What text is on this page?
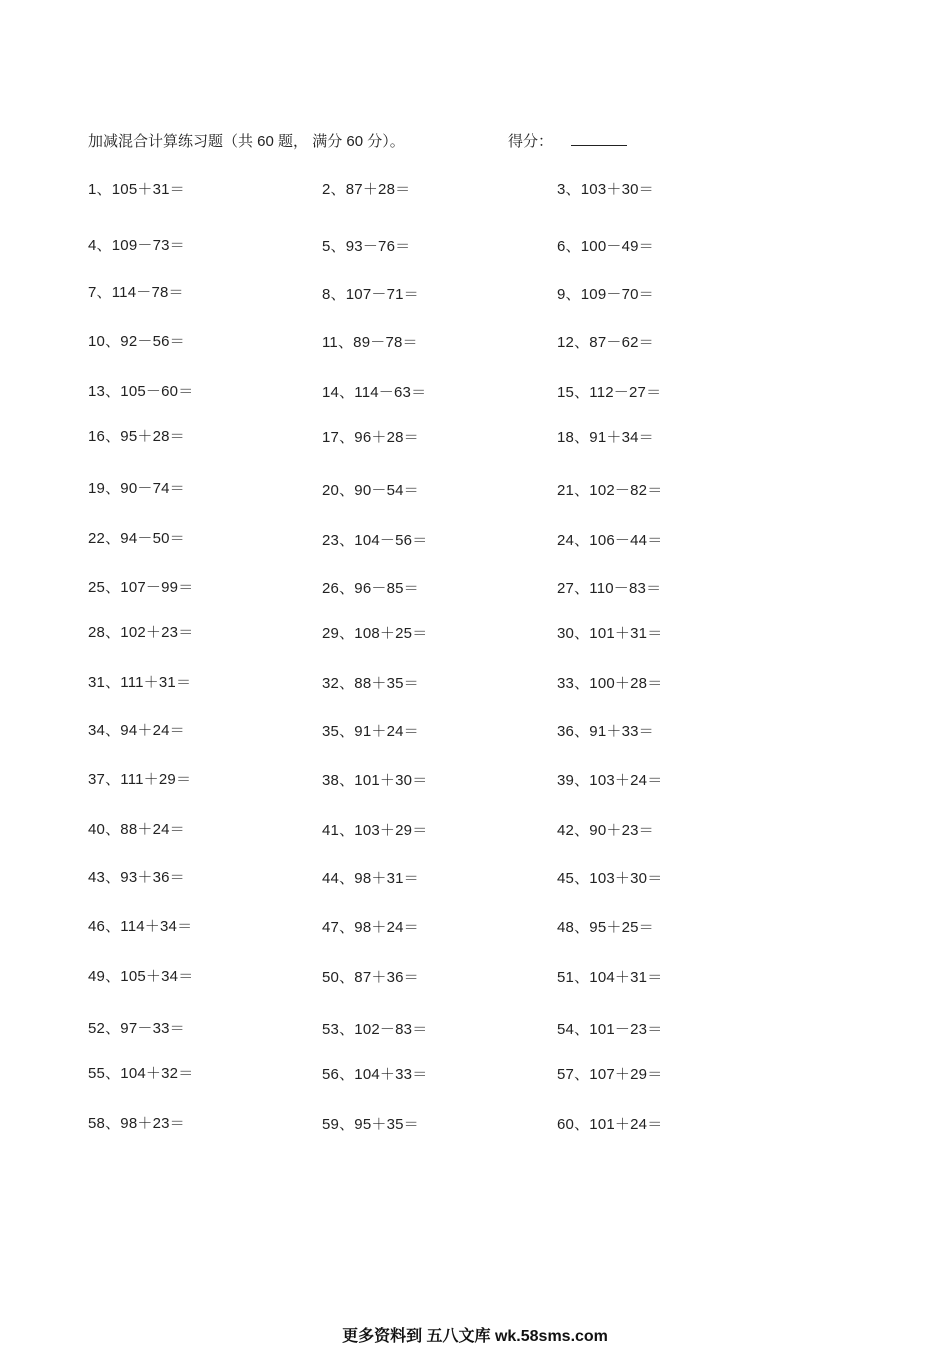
加减混合计算练习题（共 60 题， 满分 60 分）。	得分：
1、105＋31＝	2、87＋28＝	3、103＋30＝
4、109－73＝	5、93－76＝	6、100－49＝
7、114－78＝	8、107－71＝	9、109－70＝
10、92－56＝	11、89－78＝	12、87－62＝
13、105－60＝	14、114－63＝	15、112－27＝
16、95＋28＝	17、96＋28＝	18、91＋34＝
19、90－74＝	20、90－54＝	21、102－82＝
22、94－50＝	23、104－56＝	24、106－44＝
25、107－99＝	26、96－85＝	27、110－83＝
28、102＋23＝	29、108＋25＝	30、101＋31＝
31、111＋31＝	32、88＋35＝	33、100＋28＝
34、94＋24＝	35、91＋24＝	36、91＋33＝
37、111＋29＝	38、101＋30＝	39、103＋24＝
40、88＋24＝	41、103＋29＝	42、90＋23＝
43、93＋36＝	44、98＋31＝	45、103＋30＝
46、114＋34＝	47、98＋24＝	48、95＋25＝
49、105＋34＝	50、87＋36＝	51、104＋31＝
52、97－33＝	53、102－83＝	54、101－23＝
55、104＋32＝	56、104＋33＝	57、107＋29＝
58、98＋23＝	59、95＋35＝	60、101＋24＝
更多资料到 五八文库 wk.58sms.com
